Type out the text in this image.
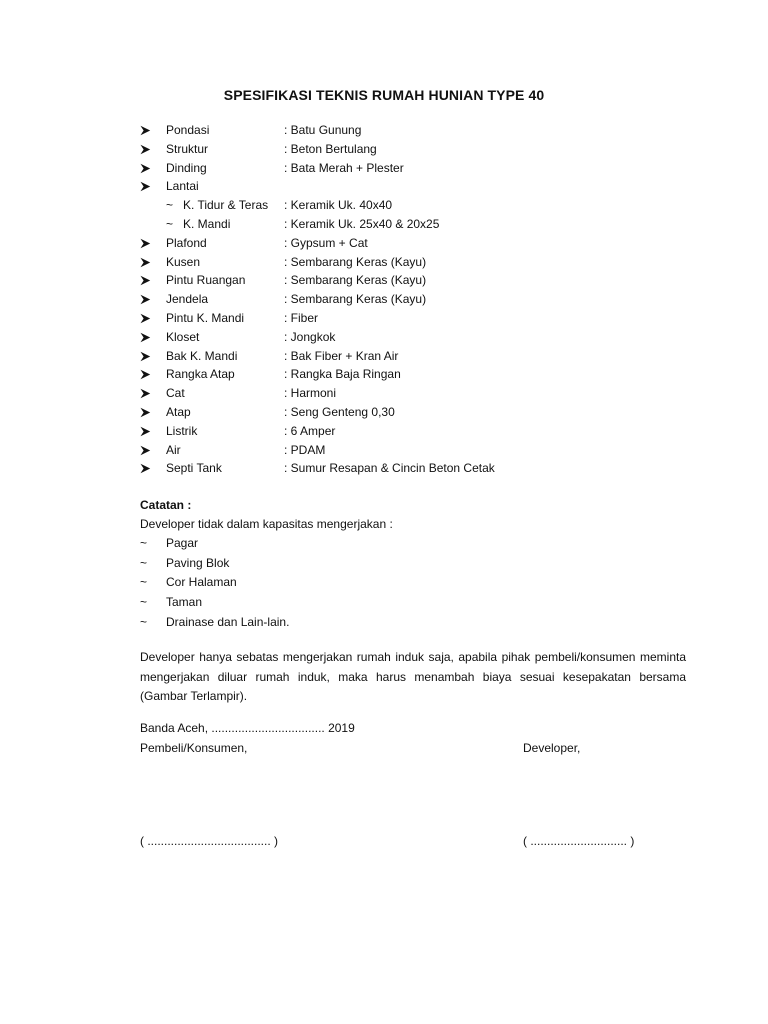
SPESIFIKASI TEKNIS RUMAH HUNIAN TYPE 40
Pondasi	: Batu Gunung
Struktur	: Beton Bertulang
Dinding	: Bata Merah + Plester
Lantai
~ K. Tidur & Teras : Keramik Uk. 40x40
~ K. Mandi	: Keramik Uk. 25x40 & 20x25
Plafond	: Gypsum + Cat
Kusen	: Sembarang Keras (Kayu)
Pintu Ruangan	: Sembarang Keras (Kayu)
Jendela	: Sembarang Keras (Kayu)
Pintu K. Mandi	: Fiber
Kloset	: Jongkok
Bak K. Mandi	: Bak Fiber + Kran Air
Rangka Atap	: Rangka Baja Ringan
Cat	: Harmoni
Atap	: Seng Genteng 0,30
Listrik	: 6 Amper
Air	: PDAM
Septi Tank	: Sumur Resapan & Cincin Beton Cetak
Catatan :
Developer tidak dalam kapasitas mengerjakan :
~ Pagar
~ Paving Blok
~ Cor Halaman
~ Taman
~ Drainase dan Lain-lain.
Developer hanya sebatas mengerjakan rumah induk saja, apabila pihak pembeli/konsumen meminta mengerjakan diluar rumah induk, maka harus menambah biaya sesuai kesepakatan bersama (Gambar Terlampir).
Banda Aceh, .................................. 2019
Pembeli/Konsumen,	Developer,
( ..................................... )	( ............................. )
